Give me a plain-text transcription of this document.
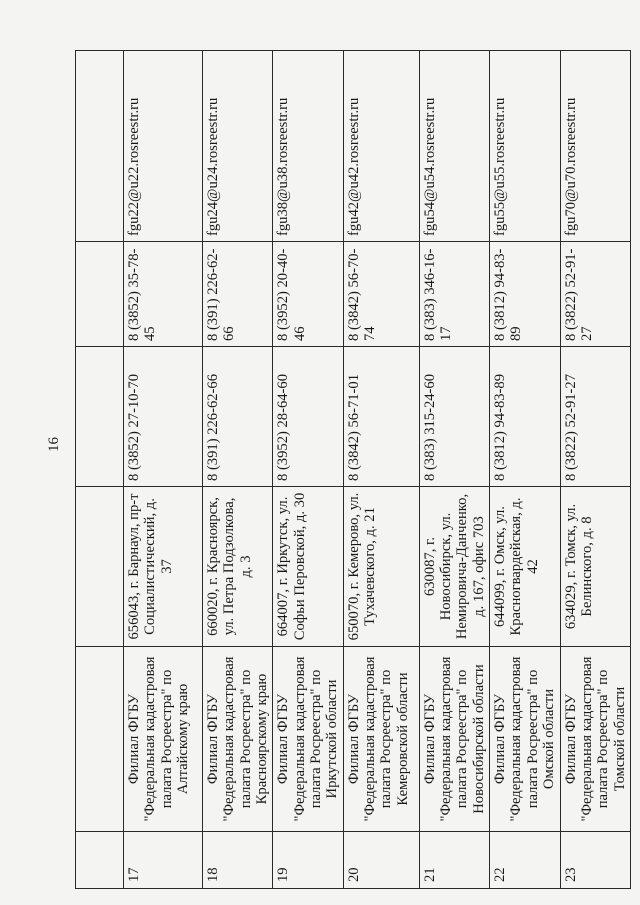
16

17	Филиал ФГБУ "Федеральная кадастровая палата Росреестра" по Алтайскому краю	656043, г. Барнаул, пр-т Социалистический, д. 37	8 (3852) 27-10-70	8 (3852) 35-78-45	fgu22@u22.rosreestr.ru
18	Филиал ФГБУ "Федеральная кадастровая палата Росреестра" по Красноярскому краю	660020, г. Красноярск, ул. Петра Подзолкова, д. 3	8 (391) 226-62-66	8 (391) 226-62-66	fgu24@u24.rosreestr.ru
19	Филиал ФГБУ "Федеральная кадастровая палата Росреестра" по Иркутской области	664007, г. Иркутск, ул. Софьи Перовской, д. 30	8 (3952) 28-64-60	8 (3952) 20-40-46	fgu38@u38.rosreestr.ru
20	Филиал ФГБУ "Федеральная кадастровая палата Росреестра" по Кемеровской области	650070, г. Кемерово, ул. Тухачевского, д. 21	8 (3842) 56-71-01	8 (3842) 56-70-74	fgu42@u42.rosreestr.ru
21	Филиал ФГБУ "Федеральная кадастровая палата Росреестра" по Новосибирской области	630087, г. Новосибирск, ул. Немировича-Данченко, д. 167, офис 703	8 (383) 315-24-60	8 (383) 346-16-17	fgu54@u54.rosreestr.ru
22	Филиал ФГБУ "Федеральная кадастровая палата Росреестра" по Омской области	644099, г. Омск, ул. Красногвардейская, д. 42	8 (3812) 94-83-89	8 (3812) 94-83-89	fgu55@u55.rosreestr.ru
23	Филиал ФГБУ "Федеральная кадастровая палата Росреестра" по Томской области	634029, г. Томск, ул. Белинского, д. 8	8 (3822) 52-91-27	8 (3822) 52-91-27	fgu70@u70.rosreestr.ru
